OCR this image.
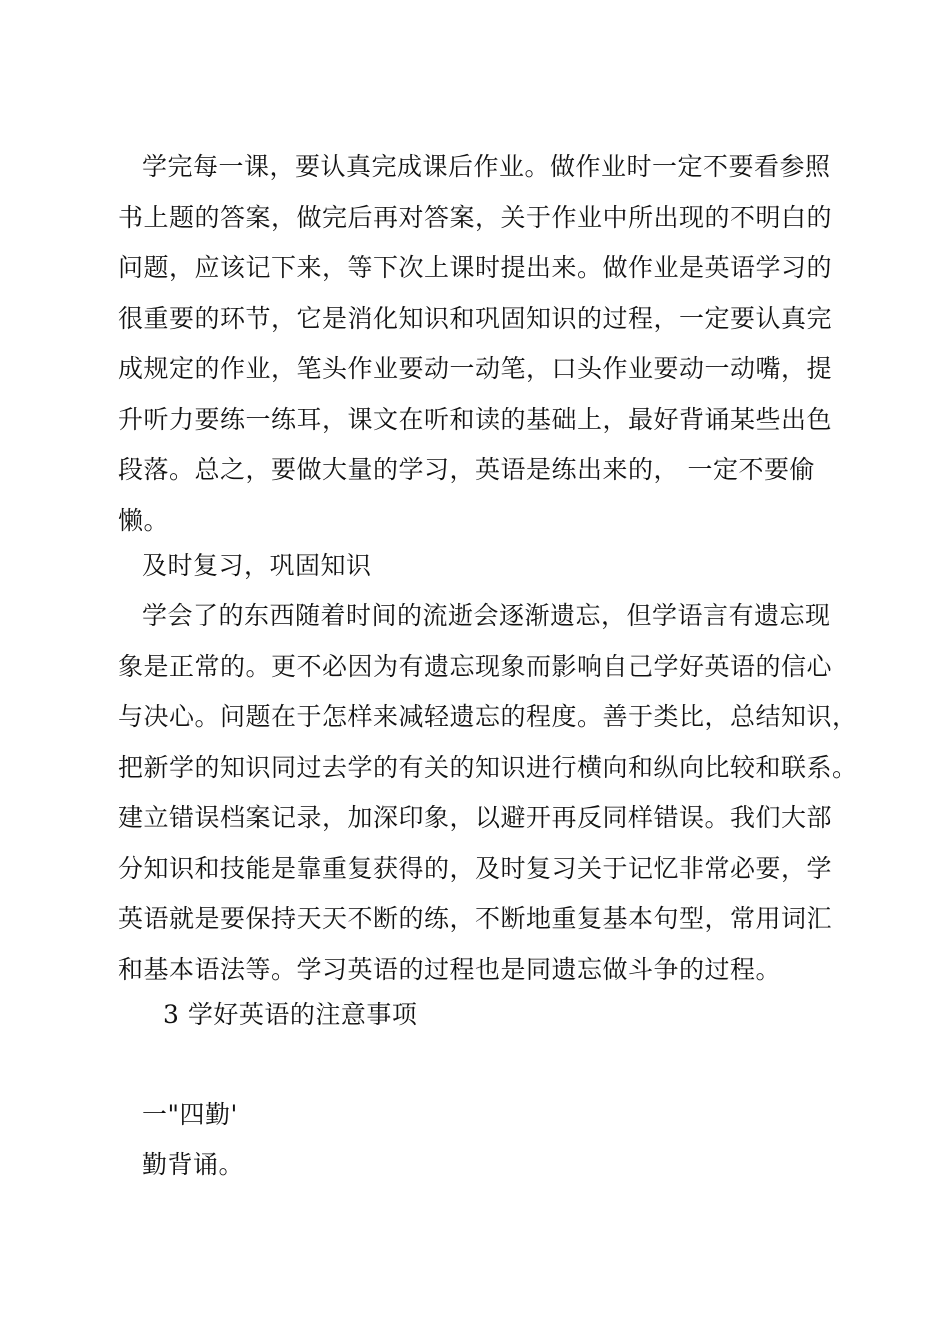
学完每一课，要认真完成课后作业。做作业时一定不要看参照
书上题的答案，做完后再对答案，关于作业中所出现的不明白的
问题，应该记下来，等下次上课时提出来。做作业是英语学习的
很重要的环节，它是消化知识和巩固知识的过程，一定要认真完
成规定的作业，笔头作业要动一动笔，口头作业要动一动嘴，提
升听力要练一练耳，课文在听和读的基础上，最好背诵某些出色
段落。总之，要做大量的学习，英语是练出来的， 一定不要偷
懒。
及时复习，巩固知识
学会了的东西随着时间的流逝会逐渐遗忘，但学语言有遗忘现
象是正常的。更不必因为有遗忘现象而影响自己学好英语的信心
与决心。问题在于怎样来减轻遗忘的程度。善于类比，总结知识，
把新学的知识同过去学的有关的知识进行横向和纵向比较和联系。
建立错误档案记录，加深印象，以避开再反同样错误。我们大部
分知识和技能是靠重复获得的，及时复习关于记忆非常必要，学
英语就是要保持天天不断的练，不断地重复基本句型，常用词汇
和基本语法等。学习英语的过程也是同遗忘做斗争的过程。
3 学好英语的注意事项
一"四勤'
勤背诵。
